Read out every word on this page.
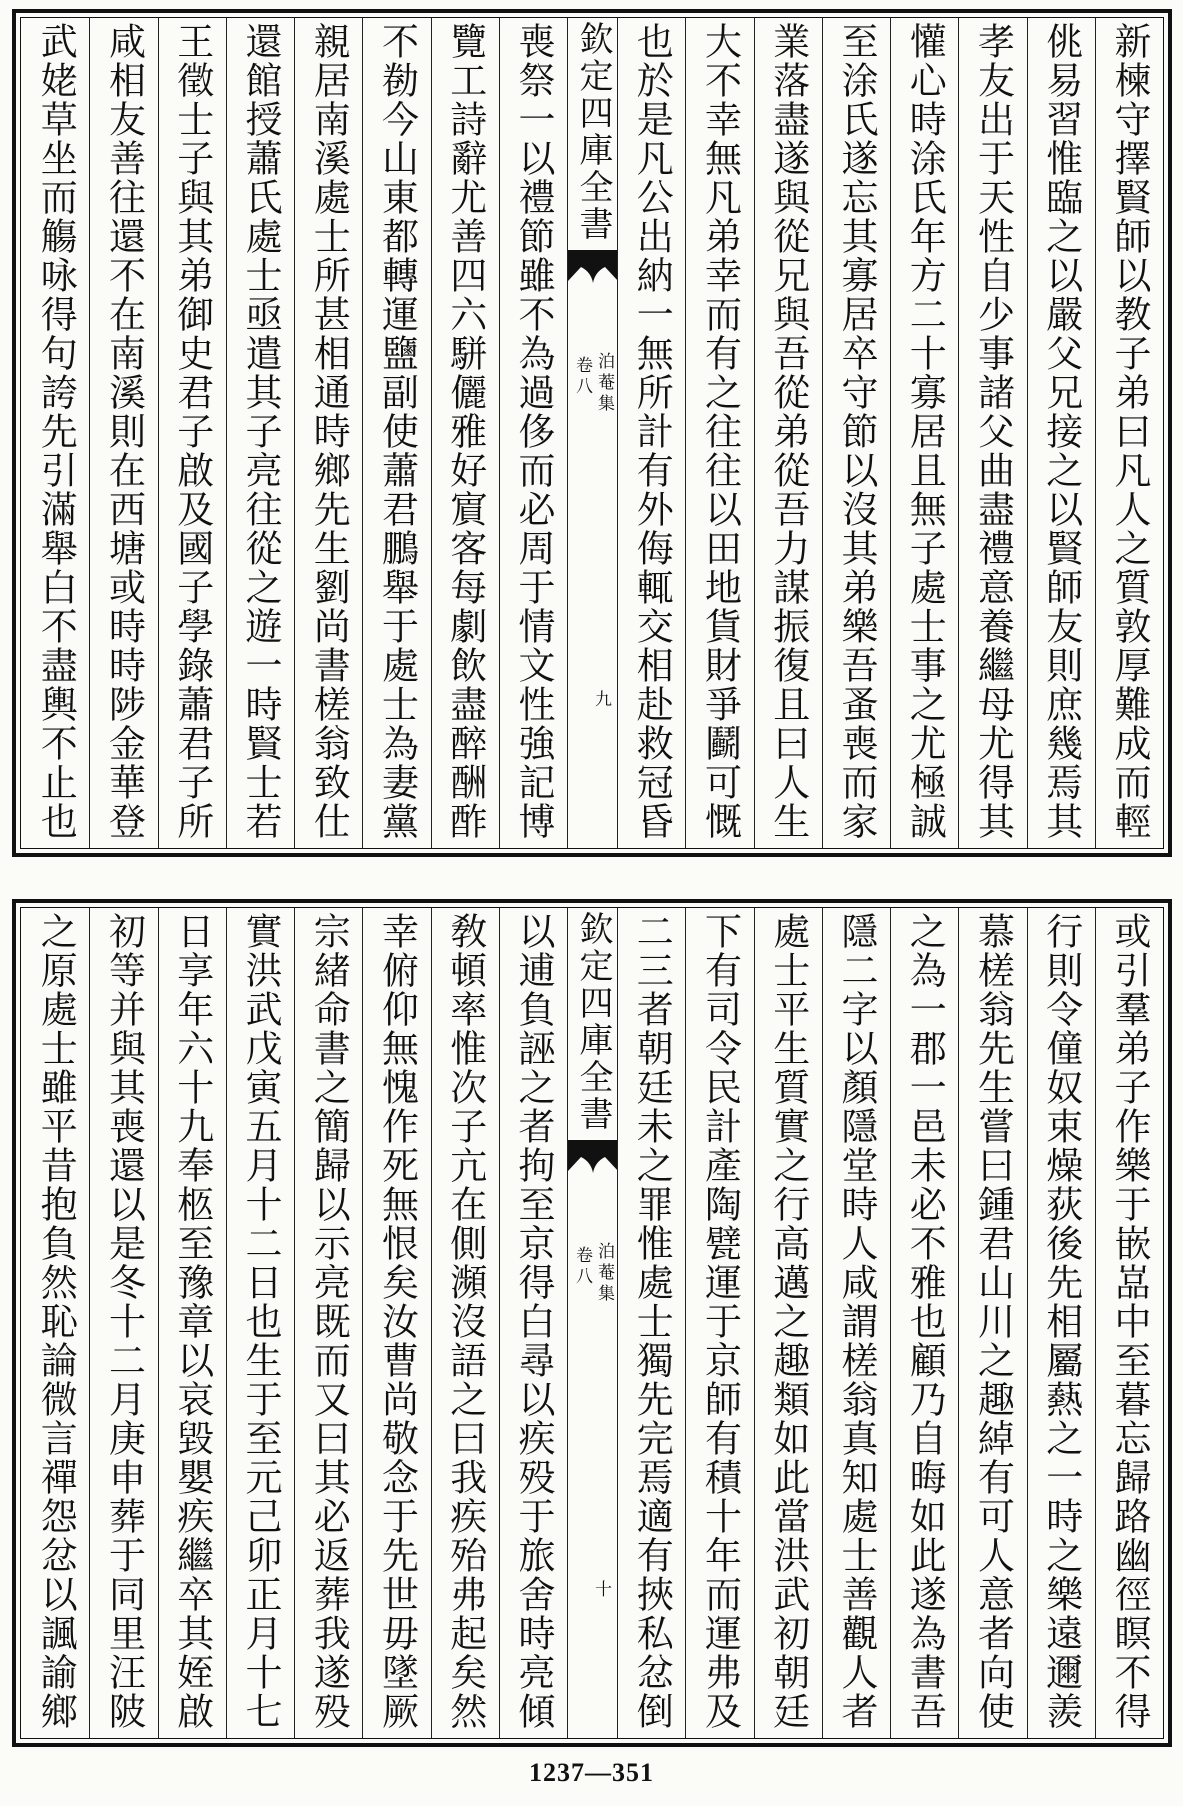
新楝守擇賢師以教子弟曰凡人之質敦厚難成而輕
佻易習惟臨之以嚴父兄接之以賢師友則庶幾焉其
孝友出于天性自少事諸父曲盡禮意養繼母尤得其
懽心時涂氏年方二十寡居且無子處士事之尤極誠
至涂氏遂忘其寡居卒守節以沒其弟樂吾蚤喪而家
業落盡遂與從兄與吾從弟從吾力謀振復且曰人生
大不幸無凡弟幸而有之往往以田地貨財爭鬬可慨
也於是凡公出納一無所計有外侮輒交相赴救冠昏
欽定四庫全書
泊菴集
卷八
九
喪祭一以禮節雖不為過侈而必周于情文性強記博
覽工詩辭尤善四六駢儷雅好賔客每劇飲盡醉酬酢
不勌今山東都轉運鹽副使蕭君鵬舉于處士為妻黨
親居南溪處士所甚相通時鄉先生劉尚書槎翁致仕
還館授蕭氏處士亟遣其子亮往從之遊一時賢士若
王徵士子與其弟御史君子啟及國子學錄蕭君子所
咸相友善往還不在南溪則在西塘或時時陟金華登
武姥草坐而觴咏得句誇先引滿舉白不盡輿不止也
或引羣弟子作樂于嵌嵓中至暮忘歸路幽徑瞑不得
行則令僮奴束燥荻後先相屬爇之一時之樂遠邇羨
慕槎翁先生嘗曰鍾君山川之趣綽有可人意者向使
之為一郡一邑未必不雅也顧乃自晦如此遂為書吾
隱二字以顏隱堂時人咸謂槎翁真知處士善觀人者
處士平生質實之行高邁之趣類如此當洪武初朝廷
下有司令民計產陶甓運于京師有積十年而運弗及
二三者朝廷未之罪惟處士獨先完焉適有挾私忿倒
欽定四庫全書
泊菴集
卷八
十
以逋負誣之者拘至京得白尋以疾殁于旅舍時亮傾
敎頓率惟次子亢在側瀕沒語之曰我疾殆弗起矣然
幸俯仰無愧作死無恨矣汝曹尚敬念于先世毋墜厥
宗緒命書之簡歸以示亮既而又曰其必返葬我遂殁
實洪武戊寅五月十二日也生于至元己卯正月十七
日享年六十九奉柩至豫章以哀毀嬰疾繼卒其姪啟
初等并與其喪還以是冬十二月庚申葬于同里汪陂
之原處士雖平昔抱負然恥論微言禪怨忿以諷諭鄉
1237—351
